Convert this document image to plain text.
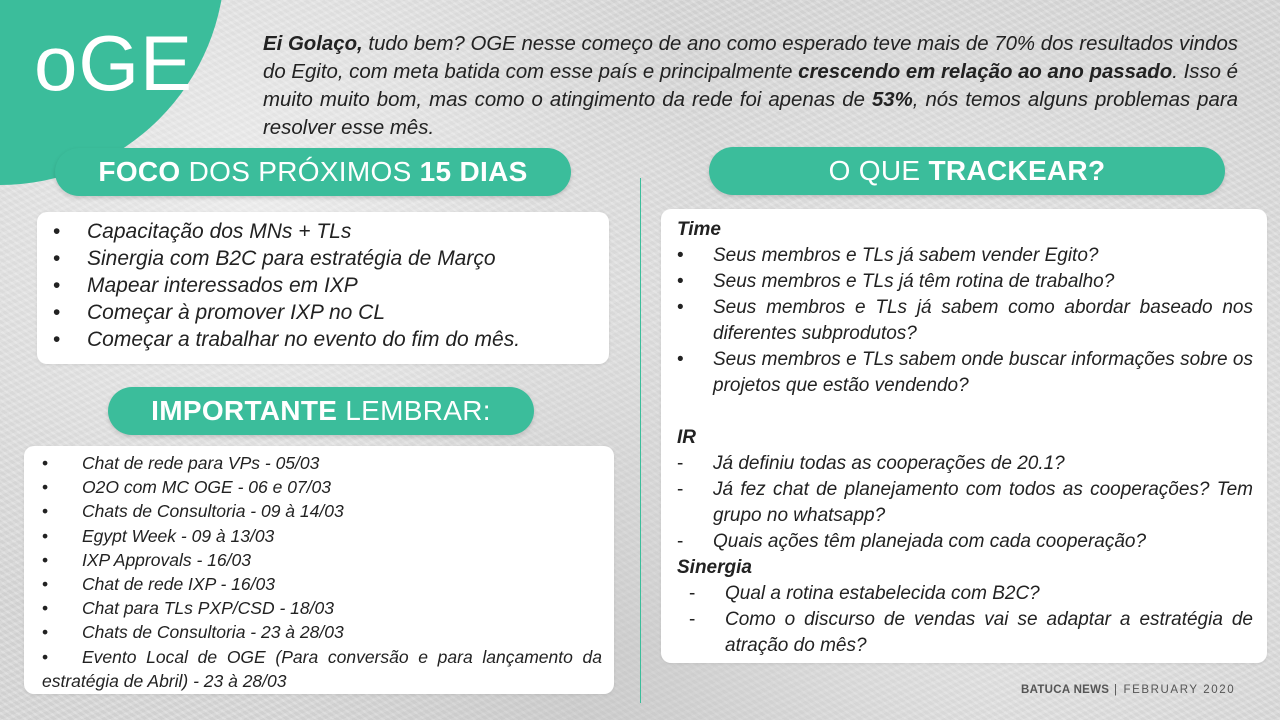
oGE	Ei Golaço, tudo bem? OGE nesse começo de ano como esperado teve mais de 70% dos resultados vindos do Egito, com meta batida com esse país e principalmente crescendo em relação ao ano passado. Isso é muito muito bom, mas como o atingimento da rede foi apenas de 53%, nós temos alguns problemas para resolver esse mês.

FOCO DOS PRÓXIMOS 15 DIAS
• Capacitação dos MNs + TLs
• Sinergia com B2C para estratégia de Março
• Mapear interessados em IXP
• Começar à promover IXP no CL
• Começar a trabalhar no evento do fim do mês.
IMPORTANTE LEMBRAR:
• Chat de rede para VPs - 05/03
• O2O com MC OGE - 06 e 07/03
• Chats de Consultoria - 09 à 14/03
• Egypt Week - 09 à 13/03
• IXP Approvals - 16/03
• Chat de rede IXP - 16/03
• Chat para TLs PXP/CSD - 18/03
• Chats de Consultoria - 23 à 28/03
• Evento Local de OGE (Para conversão e para lançamento da estratégia de Abril) - 23 à 28/03
O QUE TRACKEAR?
Time
• Seus membros e TLs já sabem vender Egito?
• Seus membros e TLs já têm rotina de trabalho?
• Seus membros e TLs já sabem como abordar baseado nos diferentes subprodutos?
• Seus membros e TLs sabem onde buscar informações sobre os projetos que estão vendendo?
IR
- Já definiu todas as cooperações de 20.1?
- Já fez chat de planejamento com todos as cooperações? Tem grupo no whatsapp?
- Quais ações têm planejada com cada cooperação?
Sinergia
- Qual a rotina estabelecida com B2C?
- Como o discurso de vendas vai se adaptar a estratégia de atração do mês?
BATUCA NEWS | FEBRUARY 2020
